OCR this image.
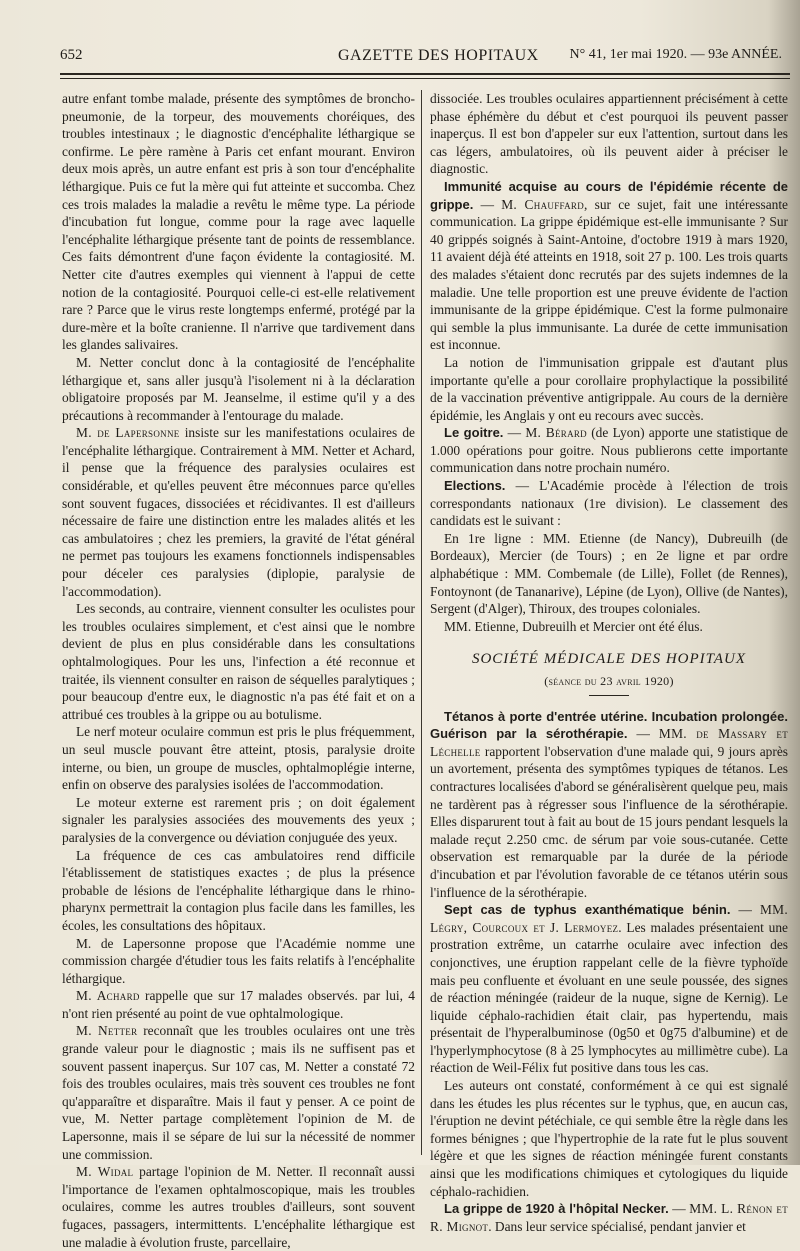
652	GAZETTE DES HOPITAUX N° 41, 1er mai 1920. — 93e ANNÉE.

autre enfant tombe malade, présente des symptômes de broncho-pneumonie, de la torpeur, des mouvements choréiques, des troubles intestinaux ; le diagnostic d'encéphalite léthargique se confirme. Le père ramène à Paris cet enfant mourant. Environ deux mois après, un autre enfant est pris à son tour d'encéphalite léthargique. Puis ce fut la mère qui fut atteinte et succomba. Chez ces trois malades la maladie a revêtu le même type. La période d'incubation fut longue, comme pour la rage avec laquelle l'encéphalite léthargique présente tant de points de ressemblance. Ces faits démontrent d'une façon évidente la contagiosité. M. Netter cite d'autres exemples qui viennent à l'appui de cette notion de la contagiosité. Pourquoi celle-ci est-elle relativement rare ? Parce que le virus reste longtemps enfermé, protégé par la dure-mère et la boîte cranienne. Il n'arrive que tardivement dans les glandes salivaires.

M. Netter conclut donc à la contagiosité de l'encéphalite léthargique et, sans aller jusqu'à l'isolement ni à la déclaration obligatoire proposés par M. Jeanselme, il estime qu'il y a des précautions à recommander à l'entourage du malade.

M. de Lapersonne insiste sur les manifestations oculaires de l'encéphalite léthargique. Contrairement à MM. Netter et Achard, il pense que la fréquence des paralysies oculaires est considérable, et qu'elles peuvent être méconnues parce qu'elles sont souvent fugaces, dissociées et récidivantes. Il est d'ailleurs nécessaire de faire une distinction entre les malades alités et les cas ambulatoires ; chez les premiers, la gravité de l'état général ne permet pas toujours les examens fonctionnels indispensables pour déceler ces paralysies (diplopie, paralysie de l'accommodation).

Les seconds, au contraire, viennent consulter les oculistes pour les troubles oculaires simplement, et c'est ainsi que le nombre devient de plus en plus considérable dans les consultations ophtalmologiques. Pour les uns, l'infection a été reconnue et traitée, ils viennent consulter en raison de séquelles paralytiques ; pour beaucoup d'entre eux, le diagnostic n'a pas été fait et on a attribué ces troubles à la grippe ou au botulisme.

Le nerf moteur oculaire commun est pris le plus fréquemment, un seul muscle pouvant être atteint, ptosis, paralysie droite interne, ou bien, un groupe de muscles, ophtalmoplégie interne, enfin on observe des paralysies isolées de l'accommodation.

Le moteur externe est rarement pris ; on doit également signaler les paralysies associées des mouvements des yeux ; paralysies de la convergence ou déviation conjuguée des yeux.

La fréquence de ces cas ambulatoires rend difficile l'établissement de statistiques exactes ; de plus la présence probable de lésions de l'encéphalite léthargique dans le rhino-pharynx permettrait la contagion plus facile dans les familles, les écoles, les consultations des hôpitaux.

M. de Lapersonne propose que l'Académie nomme une commission chargée d'étudier tous les faits relatifs à l'encéphalite léthargique.

M. Achard rappelle que sur 17 malades observés. par lui, 4 n'ont rien présenté au point de vue ophtalmologique.

M. Netter reconnaît que les troubles oculaires ont une très grande valeur pour le diagnostic ; mais ils ne suffisent pas et souvent passent inaperçus. Sur 107 cas, M. Netter a constaté 72 fois des troubles oculaires, mais très souvent ces troubles ne font qu'apparaître et disparaître. Mais il faut y penser. A ce point de vue, M. Netter partage complètement l'opinion de M. de Lapersonne, mais il se sépare de lui sur la nécessité de nommer une commission.

M. Widal partage l'opinion de M. Netter. Il reconnaît aussi l'importance de l'examen ophtalmoscopique, mais les troubles oculaires, comme les autres troubles d'ailleurs, sont souvent fugaces, passagers, intermittents. L'encéphalite léthargique est une maladie à évolution fruste, parcellaire,

dissociée. Les troubles oculaires appartiennent précisément à cette phase éphémère du début et c'est pourquoi ils peuvent passer inaperçus. Il est bon d'appeler sur eux l'attention, surtout dans les cas légers, ambulatoires, où ils peuvent aider à préciser le diagnostic.

Immunité acquise au cours de l'épidémie récente de grippe. — M. Chauffard, sur ce sujet, fait une intéressante communication. La grippe épidémique est-elle immunisante ? Sur 40 grippés soignés à Saint-Antoine, d'octobre 1919 à mars 1920, 11 avaient déjà été atteints en 1918, soit 27 p. 100. Les trois quarts des malades s'étaient donc recrutés par des sujets indemnes de la maladie. Une telle proportion est une preuve évidente de l'action immunisante de la grippe épidémique. C'est la forme pulmonaire qui semble la plus immunisante. La durée de cette immunisation est inconnue.

La notion de l'immunisation grippale est d'autant plus importante qu'elle a pour corollaire prophylactique la possibilité de la vaccination préventive antigrippale. Au cours de la dernière épidémie, les Anglais y ont eu recours avec succès.

Le goitre. — M. Bérard (de Lyon) apporte une statistique de 1.000 opérations pour goitre. Nous publierons cette importante communication dans notre prochain numéro.

Elections. — L'Académie procède à l'élection de trois correspondants nationaux (1re division). Le classement des candidats est le suivant :

En 1re ligne : MM. Etienne (de Nancy), Dubreuilh (de Bordeaux), Mercier (de Tours) ; en 2e ligne et par ordre alphabétique : MM. Combemale (de Lille), Follet (de Rennes), Fontoynont (de Tananarive), Lépine (de Lyon), Ollive (de Nantes), Sergent (d'Alger), Thiroux, des troupes coloniales.

MM. Etienne, Dubreuilh et Mercier ont été élus.

SOCIÉTÉ MÉDICALE DES HOPITAUX

(séance du 23 avril 1920)

Tétanos à porte d'entrée utérine. Incubation prolongée. Guérison par la sérothérapie. — MM. de Massary et Léchelle rapportent l'observation d'une malade qui, 9 jours après un avortement, présenta des symptômes typiques de tétanos. Les contractures localisées d'abord se généralisèrent quelque peu, mais ne tardèrent pas à régresser sous l'influence de la sérothérapie. Elles disparurent tout à fait au bout de 15 jours pendant lesquels la malade reçut 2.250 cmc. de sérum par voie sous-cutanée. Cette observation est remarquable par la durée de la période d'incubation et par l'évolution favorable de ce tétanos utérin sous l'influence de la sérothérapie.

Sept cas de typhus exanthématique bénin. — MM. Légry, Courcoux et J. Lermoyez. Les malades présentaient une prostration extrême, un catarrhe oculaire avec infection des conjonctives, une éruption rappelant celle de la fièvre typhoïde mais peu confluente et évoluant en une seule poussée, des signes de réaction méningée (raideur de la nuque, signe de Kernig). Le liquide céphalo-rachidien était clair, pas hypertendu, mais présentait de l'hyperalbuminose (0g50 et 0g75 d'albumine) et de l'hyperlymphocytose (8 à 25 lymphocytes au millimètre cube). La réaction de Weil-Félix fut positive dans tous les cas.

Les auteurs ont constaté, conformément à ce qui est signalé dans les études les plus récentes sur le typhus, que, en aucun cas, l'éruption ne devint pétéchiale, ce qui semble être la règle dans les formes bénignes ; que l'hypertrophie de la rate fut le plus souvent légère et que les signes de réaction méningée furent constants ainsi que les modifications chimiques et cytologiques du liquide céphalo-rachidien.

La grippe de 1920 à l'hôpital Necker. — MM. L. Rénon et R. Mignot. Dans leur service spécialisé, pendant janvier et
